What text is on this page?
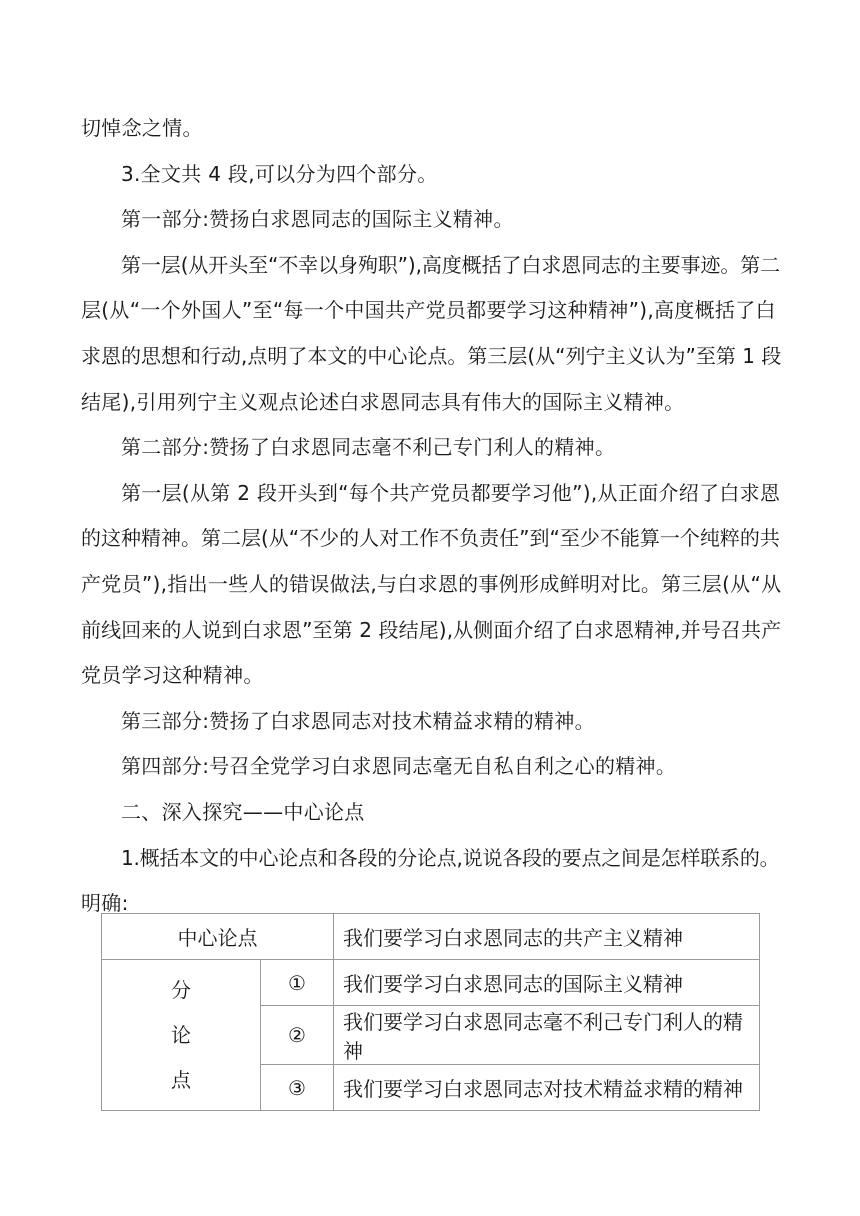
切悼念之情。
3.全文共 4 段,可以分为四个部分。
第一部分:赞扬白求恩同志的国际主义精神。
第一层(从开头至“不幸以身殉职”),高度概括了白求恩同志的主要事迹。第二
层(从“一个外国人”至“每一个中国共产党员都要学习这种精神”),高度概括了白
求恩的思想和行动,点明了本文的中心论点。第三层(从“列宁主义认为”至第 1 段
结尾),引用列宁主义观点论述白求恩同志具有伟大的国际主义精神。
第二部分:赞扬了白求恩同志毫不利己专门利人的精神。
第一层(从第 2 段开头到“每个共产党员都要学习他”),从正面介绍了白求恩
的这种精神。第二层(从“不少的人对工作不负责任”到“至少不能算一个纯粹的共
产党员”),指出一些人的错误做法,与白求恩的事例形成鲜明对比。第三层(从“从
前线回来的人说到白求恩”至第 2 段结尾),从侧面介绍了白求恩精神,并号召共产
党员学习这种精神。
第三部分:赞扬了白求恩同志对技术精益求精的精神。
第四部分:号召全党学习白求恩同志毫无自私自利之心的精神。
二、深入探究——中心论点
1.概括本文的中心论点和各段的分论点,说说各段的要点之间是怎样联系的。
明确:
中心论点		我们要学习白求恩同志的共产主义精神

分
论
点	①	我们要学习白求恩同志的国际主义精神
	②	我们要学习白求恩同志毫不利己专门利人的精神
	③	我们要学习白求恩同志对技术精益求精的精神
